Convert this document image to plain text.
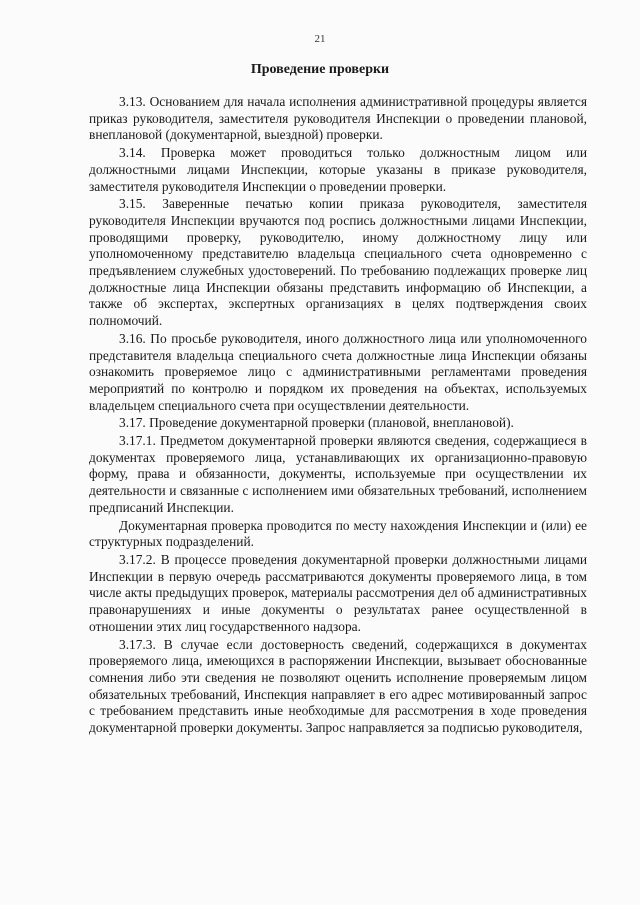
21
Проведение проверки

3.13. Основанием для начала исполнения административной процедуры является приказ руководителя, заместителя руководителя Инспекции о проведении плановой, внеплановой (документарной, выездной) проверки.

3.14. Проверка может проводиться только должностным лицом или должностными лицами Инспекции, которые указаны в приказе руководителя, заместителя руководителя Инспекции о проведении проверки.

3.15. Заверенные печатью копии приказа руководителя, заместителя руководителя Инспекции вручаются под роспись должностными лицами Инспекции, проводящими проверку, руководителю, иному должностному лицу или уполномоченному представителю владельца специального счета одновременно с предъявлением служебных удостоверений. По требованию подлежащих проверке лиц должностные лица Инспекции обязаны представить информацию об Инспекции, а также об экспертах, экспертных организациях в целях подтверждения своих полномочий.

3.16. По просьбе руководителя, иного должностного лица или уполномоченного представителя владельца специального счета должностные лица Инспекции обязаны ознакомить проверяемое лицо с административными регламентами проведения мероприятий по контролю и порядком их проведения на объектах, используемых владельцем специального счета при осуществлении деятельности.

3.17. Проведение документарной проверки (плановой, внеплановой).

3.17.1. Предметом документарной проверки являются сведения, содержащиеся в документах проверяемого лица, устанавливающих их организационно-правовую форму, права и обязанности, документы, используемые при осуществлении их деятельности и связанные с исполнением ими обязательных требований, исполнением предписаний Инспекции.

Документарная проверка проводится по месту нахождения Инспекции и (или) ее структурных подразделений.

3.17.2. В процессе проведения документарной проверки должностными лицами Инспекции в первую очередь рассматриваются документы проверяемого лица, в том числе акты предыдущих проверок, материалы рассмотрения дел об административных правонарушениях и иные документы о результатах ранее осуществленной в отношении этих лиц государственного надзора.

3.17.3. В случае если достоверность сведений, содержащихся в документах проверяемого лица, имеющихся в распоряжении Инспекции, вызывает обоснованные сомнения либо эти сведения не позволяют оценить исполнение проверяемым лицом обязательных требований, Инспекция направляет в его адрес мотивированный запрос с требованием представить иные необходимые для рассмотрения в ходе проведения документарной проверки документы. Запрос направляется за подписью руководителя,
